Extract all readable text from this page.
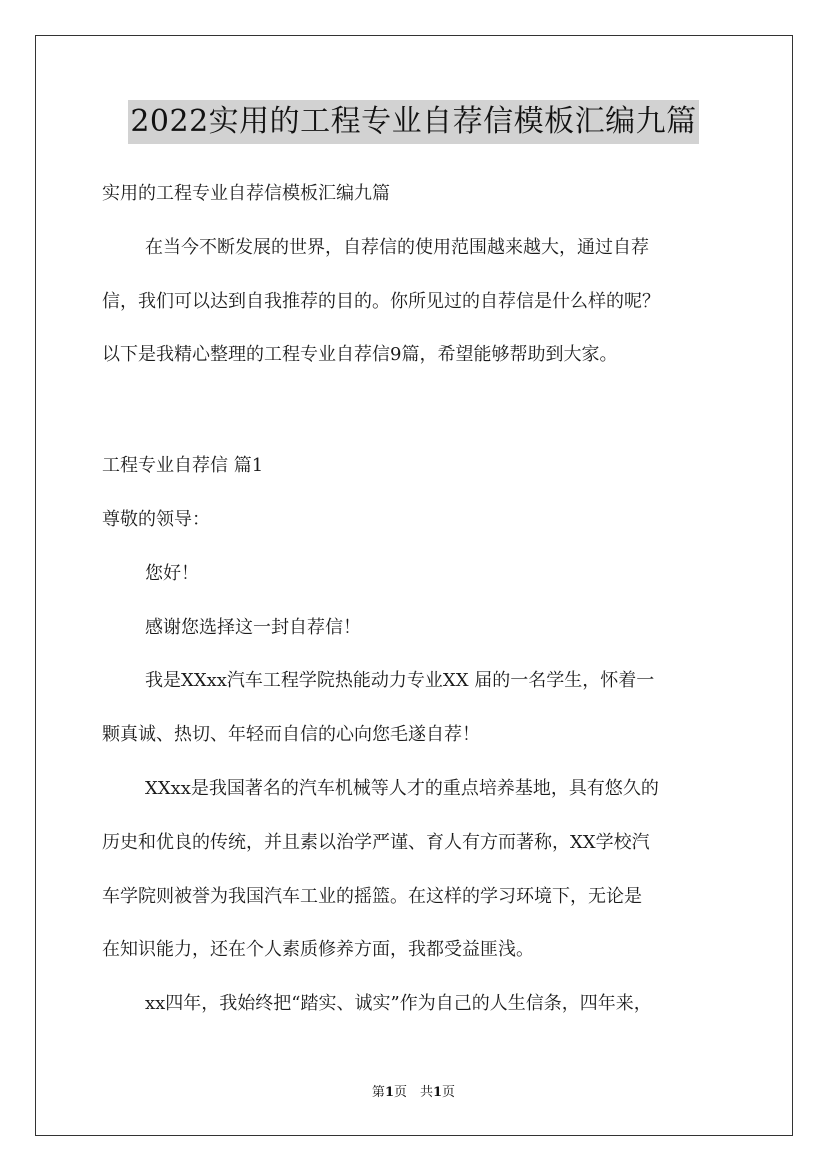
2022实用的工程专业自荐信模板汇编九篇
实用的工程专业自荐信模板汇编九篇
在当今不断发展的世界，自荐信的使用范围越来越大，通过自荐
信，我们可以达到自我推荐的目的。你所见过的自荐信是什么样的呢？
以下是我精心整理的工程专业自荐信9篇，希望能够帮助到大家。
工程专业自荐信 篇1
尊敬的领导：
您好！
感谢您选择这一封自荐信！
我是XXxx汽车工程学院热能动力专业XX 届的一名学生，怀着一
颗真诚、热切、年轻而自信的心向您毛遂自荐！
XXxx是我国著名的汽车机械等人才的重点培养基地，具有悠久的
历史和优良的传统，并且素以治学严谨、育人有方而著称，XX学校汽
车学院则被誉为我国汽车工业的摇篮。在这样的学习环境下，无论是
在知识能力，还在个人素质修养方面，我都受益匪浅。
xx四年，我始终把“踏实、诚实”作为自己的人生信条，四年来，
第1页　共1页
